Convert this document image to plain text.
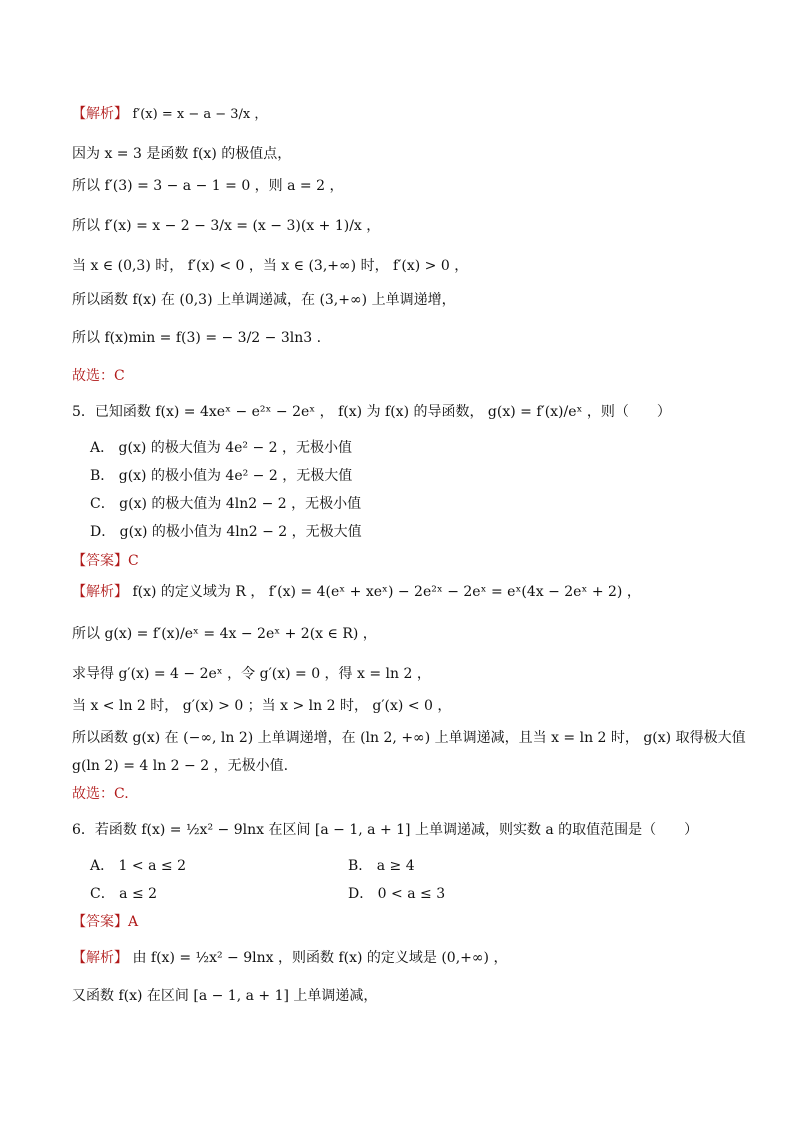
【解析】 f′(x) = x − a − 3/x ，
因为 x = 3 是函数 f(x) 的极值点，
所以 f′(3) = 3 − a − 1 = 0 ，则 a = 2 ，
所以 f′(x) = x − 2 − 3/x = (x − 3)(x + 1)/x ，
当 x ∈ (0,3) 时， f′(x) < 0 ，当 x ∈ (3,+∞) 时， f′(x) > 0 ，
所以函数 f(x) 在 (0,3) 上单调递减，在 (3,+∞) 上单调递增，
所以 f(x)min = f(3) = − 3/2 − 3ln3 .
故选：C
5．已知函数 f(x) = 4xeˣ − e²ˣ − 2eˣ ， f(x) 为 f(x) 的导函数， g(x) = f′(x)/eˣ ，则（　　）
A． g(x) 的极大值为 4e² − 2 ，无极小值
B． g(x) 的极小值为 4e² − 2 ，无极大值
C． g(x) 的极大值为 4ln2 − 2 ，无极小值
D． g(x) 的极小值为 4ln2 − 2 ，无极大值
【答案】C
【解析】 f(x) 的定义域为 R ， f′(x) = 4(eˣ + xeˣ) − 2e²ˣ − 2eˣ = eˣ(4x − 2eˣ + 2) ，
所以 g(x) = f′(x)/eˣ = 4x − 2eˣ + 2(x ∈ R) ，
求导得 g′(x) = 4 − 2eˣ ，令 g′(x) = 0 ，得 x = ln 2 ，
当 x < ln 2 时， g′(x) > 0 ；当 x > ln 2 时， g′(x) < 0 ，
所以函数 g(x) 在 (−∞, ln 2) 上单调递增，在 (ln 2, +∞) 上单调递减，且当 x = ln 2 时， g(x) 取得极大值
g(ln 2) = 4 ln 2 − 2 ，无极小值.
故选：C.
6．若函数 f(x) = ½x² − 9lnx 在区间 [a − 1, a + 1] 上单调递减，则实数 a 的取值范围是（　　）
A． 1 < a ≤ 2	B． a ≥ 4
C． a ≤ 2	D． 0 < a ≤ 3
【答案】A
【解析】 由 f(x) = ½x² − 9lnx ，则函数 f(x) 的定义域是 (0,+∞) ，
又函数 f(x) 在区间 [a − 1, a + 1] 上单调递减，
